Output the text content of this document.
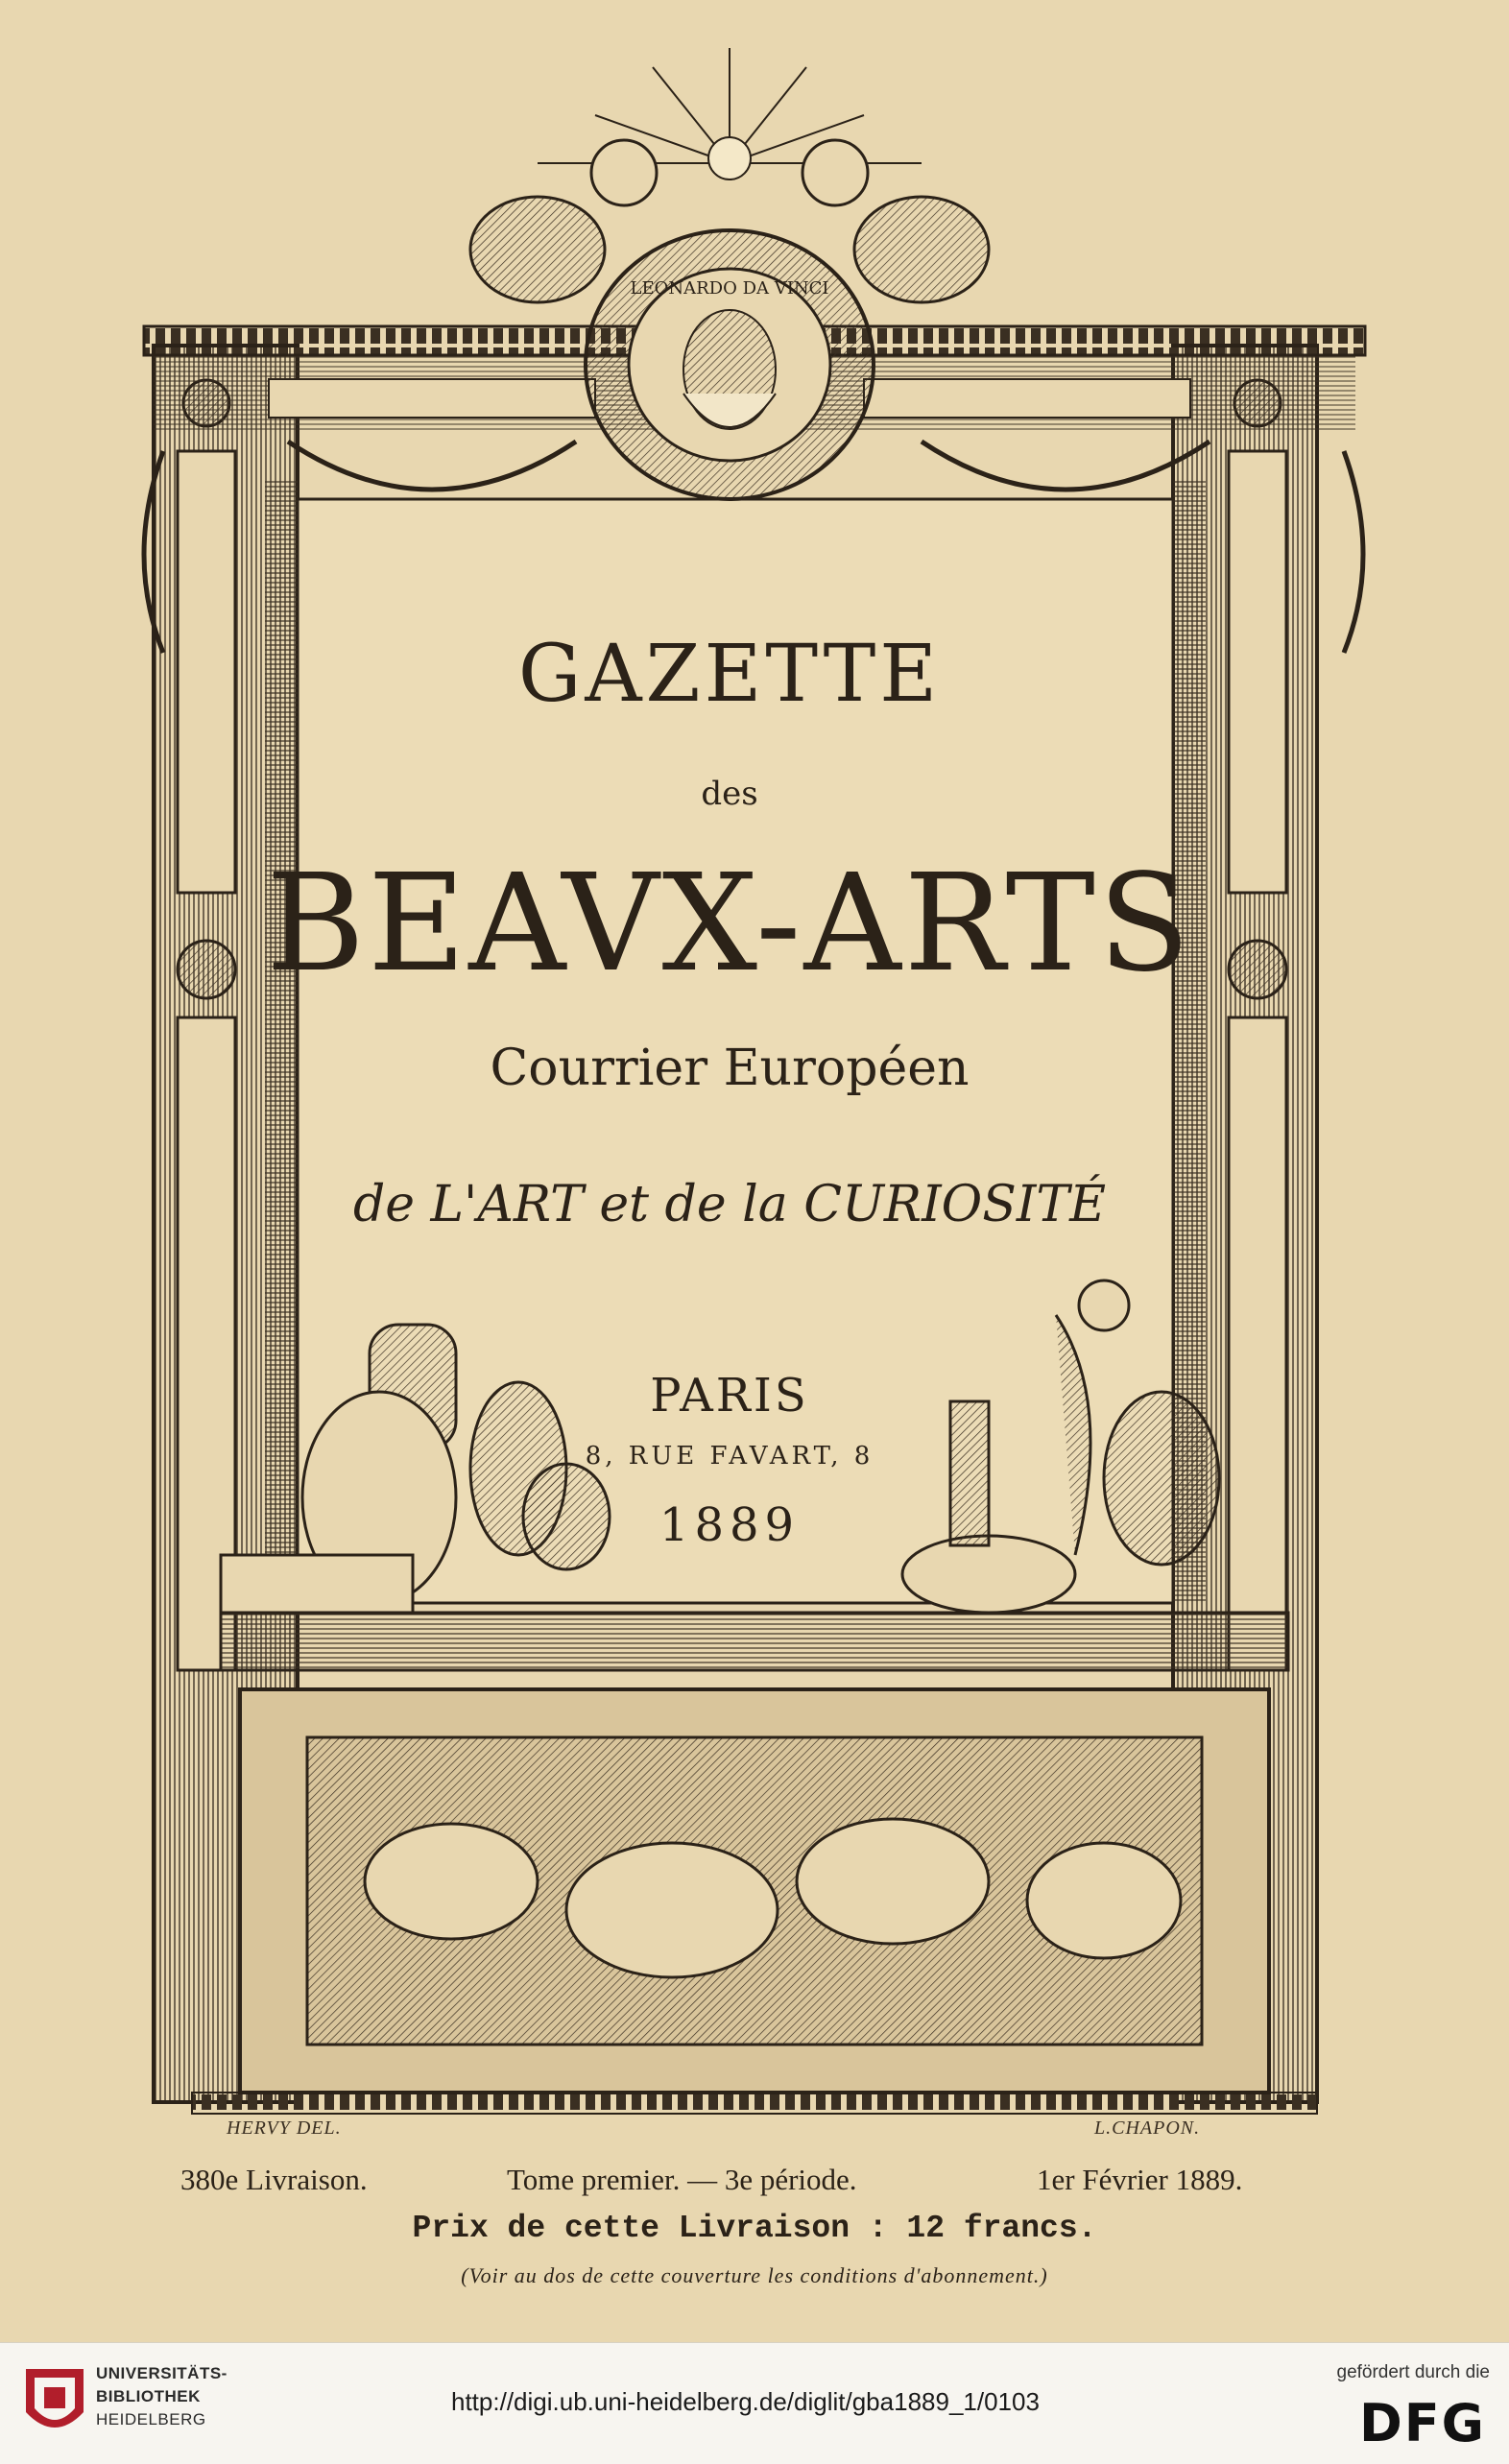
LEONARDO DA VINCI
GAZETTE
des
BEAVX-ARTS
Courrier Européen
de L'ART et de la CURIOSITÉ
PARIS
8, RUE FAVART, 8
1889
HERVY DEL.	L.CHAPON.
380e Livraison.	Tome premier. — 3e période.	1er Février 1889.
Prix de cette Livraison : 12 francs.
(Voir au dos de cette couverture les conditions d'abonnement.)
UNIVERSITÄTS-
BIBLIOTHEK
HEIDELBERG
http://digi.ub.uni-heidelberg.de/diglit/gba1889_1/0103
gefördert durch die
DFG
